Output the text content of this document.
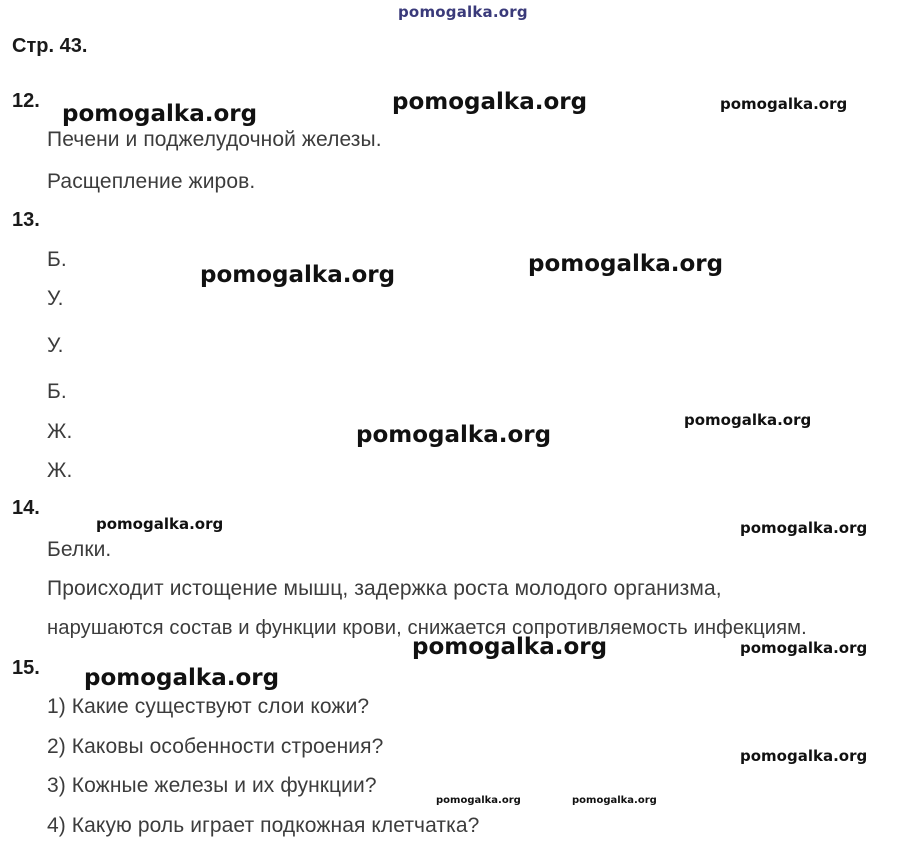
pomogalka.org
Стр. 43.
12.
Печени и поджелудочной железы.
Расщепление жиров.
13.
Б.
У.
У.
Б.
Ж.
Ж.
14.
Белки.
Происходит истощение мышц, задержка роста молодого организма,
нарушаются состав и функции крови, снижается сопротивляемость инфекциям.
15.
1) Какие существуют слои кожи?
2) Каковы особенности строения?
3) Кожные железы и их функции?
4) Какую роль играет подкожная клетчатка?
pomogalka.org	pomogalka.org	pomogalka.org
pomogalka.org	pomogalka.org
pomogalka.org
pomogalka.org
pomogalka.org	pomogalka.org
pomogalka.org	pomogalka.org
pomogalka.org
pomogalka.org
pomogalka.org	pomogalka.org
